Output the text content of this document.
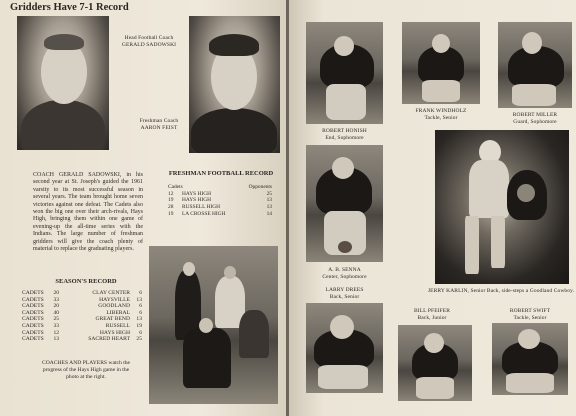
Gridders Have 7-1 Record
Head Football Coach
GERALD SADOWSKI
Freshman Coach
AARON FEIST

COACH GERALD SADOWSKI, in his second year at St. Joseph's guided the 1961 varsity to its most successful season in several years. The team brought home seven victories against one defeat. The Cadets also won the big one over their arch-rivals, Hays High, bringing them within one game of evening-up the all-time series with the Indians. The large number of freshman gridders will give the coach plenty of material to replace the graduating players.

FRESHMAN FOOTBALL RECORD
Cadets		Opponents
12	HAYS HIGH	25
19	HAYS HIGH	13
28	RUSSELL HIGH	13
19	LA CROSSE HIGH	14
SEASON'S RECORD
CADETS	20	CLAY CENTER	6
CADETS	33	HAYSVILLE	13
CADETS	20	GOODLAND	6
CADETS	40	LIBERAL	6
CADETS	25	GREAT BEND	13
CADETS	33	RUSSELL	19
CADETS	12	HAYS HIGH	6
CADETS	13	SACRED HEART	25
COACHES AND PLAYERS watch the progress of the Hays High game in the photo at the right.
ROBERT HONISH
End, Sophomore
FRANK WINDHOLZ
Tackle, Senior	ROBERT MILLER
Guard, Sophomore
A. B. SENNA
Center, Sophomore
LARRY DREES
Back, Senior
JERRY KARLIN, Senior Back, side-steps a Goodland Cowboy.
BILL PFEIFER
Back, Junior
ROBERT SWIFT
Tackle, Senior
